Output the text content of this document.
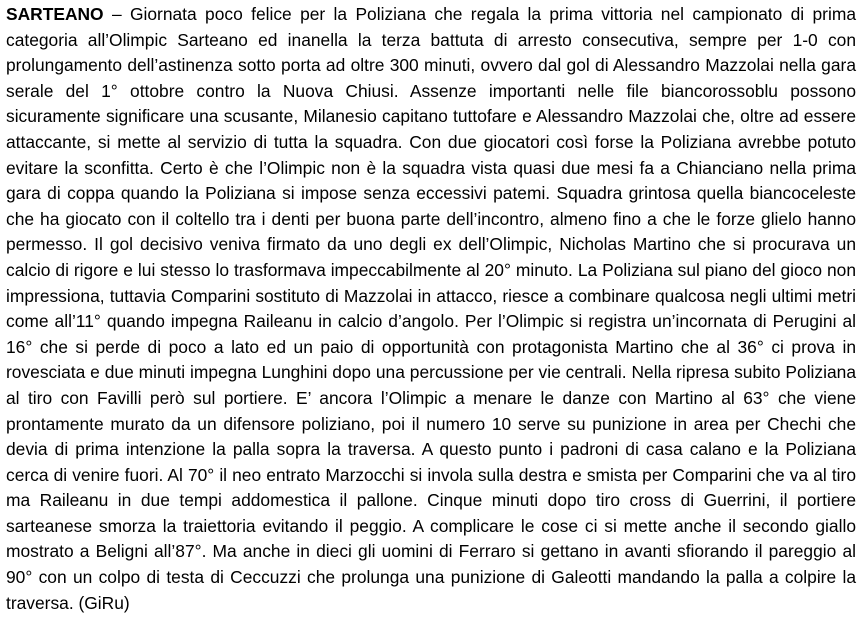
SARTEANO – Giornata poco felice per la Poliziana che regala la prima vittoria nel campionato di prima categoria all’Olimpic Sarteano ed inanella la terza battuta di arresto consecutiva, sempre per 1-0 con prolungamento dell’astinenza sotto porta ad oltre 300 minuti, ovvero dal gol di Alessandro Mazzolai nella gara serale del 1° ottobre contro la Nuova Chiusi. Assenze importanti nelle file biancorossoblu possono sicuramente significare una scusante, Milanesio capitano tuttofare e Alessandro Mazzolai che, oltre ad essere attaccante, si mette al servizio di tutta la squadra. Con due giocatori così forse la Poliziana avrebbe potuto evitare la sconfitta. Certo è che l’Olimpic non è la squadra vista quasi due mesi fa a Chianciano nella prima gara di coppa quando la Poliziana si impose senza eccessivi patemi. Squadra grintosa quella biancoceleste che ha giocato con il coltello tra i denti per buona parte dell’incontro, almeno fino a che le forze glielo hanno permesso. Il gol decisivo veniva firmato da uno degli ex dell’Olimpic, Nicholas Martino che si procurava un calcio di rigore e lui stesso lo trasformava impeccabilmente al 20° minuto. La Poliziana sul piano del gioco non impressiona, tuttavia Comparini sostituto di Mazzolai in attacco, riesce a combinare qualcosa negli ultimi metri come all’11° quando impegna Raileanu in calcio d’angolo. Per l’Olimpic si registra un’incornata di Perugini al 16° che si perde di poco a lato ed un paio di opportunità con protagonista Martino che al 36° ci prova in rovesciata e due minuti impegna Lunghini dopo una percussione per vie centrali. Nella ripresa subito Poliziana al tiro con Favilli però sul portiere. E’ ancora l’Olimpic a menare le danze con Martino al 63° che viene prontamente murato da un difensore poliziano, poi il numero 10 serve su punizione in area per Chechi che devia di prima intenzione la palla sopra la traversa. A questo punto i padroni di casa calano e la Poliziana cerca di venire fuori. Al 70° il neo entrato Marzocchi si invola sulla destra e smista per Comparini che va al tiro ma Raileanu in due tempi addomestica il pallone. Cinque minuti dopo tiro cross di Guerrini, il portiere sarteanese smorza la traiettoria evitando il peggio. A complicare le cose ci si mette anche il secondo giallo mostrato a Beligni all’87°. Ma anche in dieci gli uomini di Ferraro si gettano in avanti sfiorando il pareggio al 90° con un colpo di testa di Ceccuzzi che prolunga una punizione di Galeotti mandando la palla a colpire la traversa. (GiRu)
